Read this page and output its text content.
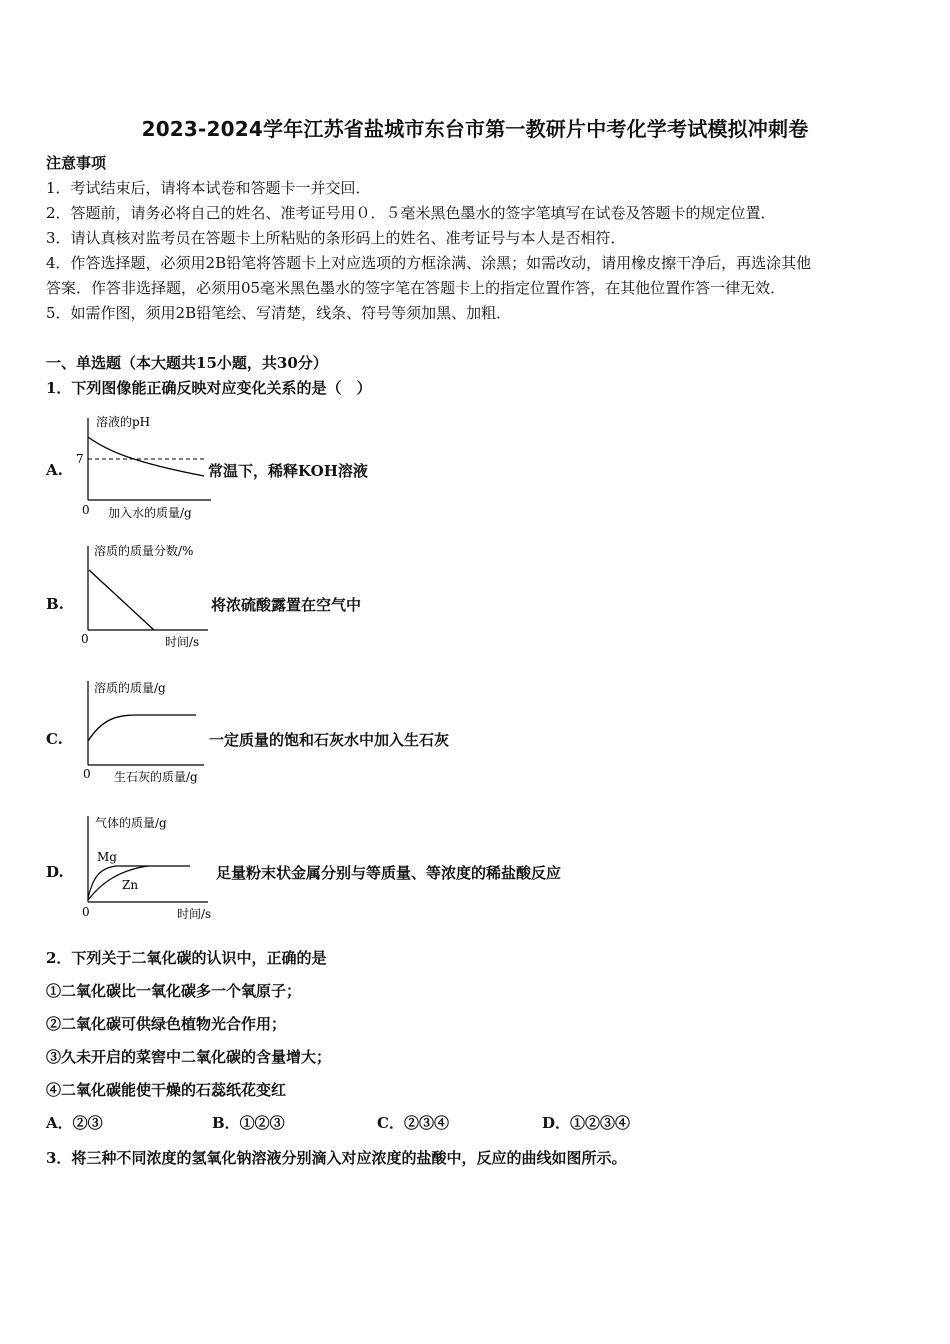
2023-2024学年江苏省盐城市东台市第一教研片中考化学考试模拟冲刺卷
注意事项
1．考试结束后，请将本试卷和答题卡一并交回．
2．答题前，请务必将自己的姓名、准考证号用０．５毫米黑色墨水的签字笔填写在试卷及答题卡的规定位置．
3．请认真核对监考员在答题卡上所粘贴的条形码上的姓名、准考证号与本人是否相符．
4．作答选择题，必须用2B铅笔将答题卡上对应选项的方框涂满、涂黑；如需改动，请用橡皮擦干净后，再选涂其他
答案．作答非选择题，必须用05毫米黑色墨水的签字笔在答题卡上的指定位置作答，在其他位置作答一律无效．
5．如需作图，须用2B铅笔绘、写清楚，线条、符号等须加黑、加粗．
一、单选题（本大题共15小题，共30分）
1．下列图像能正确反映对应变化关系的是（　）
A.
溶液的pH
7
0 加入水的质量/g
常温下，稀释KOH溶液
B.
溶质的质量分数/%
0	时间/s
将浓硫酸露置在空气中
C.
溶质的质量/g
0 生石灰的质量/g
一定质量的饱和石灰水中加入生石灰
D.
气体的质量/g
Mg
Zn
0	时间/s
足量粉末状金属分别与等质量、等浓度的稀盐酸反应
2．下列关于二氧化碳的认识中，正确的是
①二氧化碳比一氧化碳多一个氧原子；
②二氧化碳可供绿色植物光合作用；
③久未开启的菜窖中二氧化碳的含量增大；
④二氧化碳能使干燥的石蕊纸花变红
A．②③	B．①②③	C．②③④	D．①②③④
3．将三种不同浓度的氢氧化钠溶液分别滴入对应浓度的盐酸中，反应的曲线如图所示。
